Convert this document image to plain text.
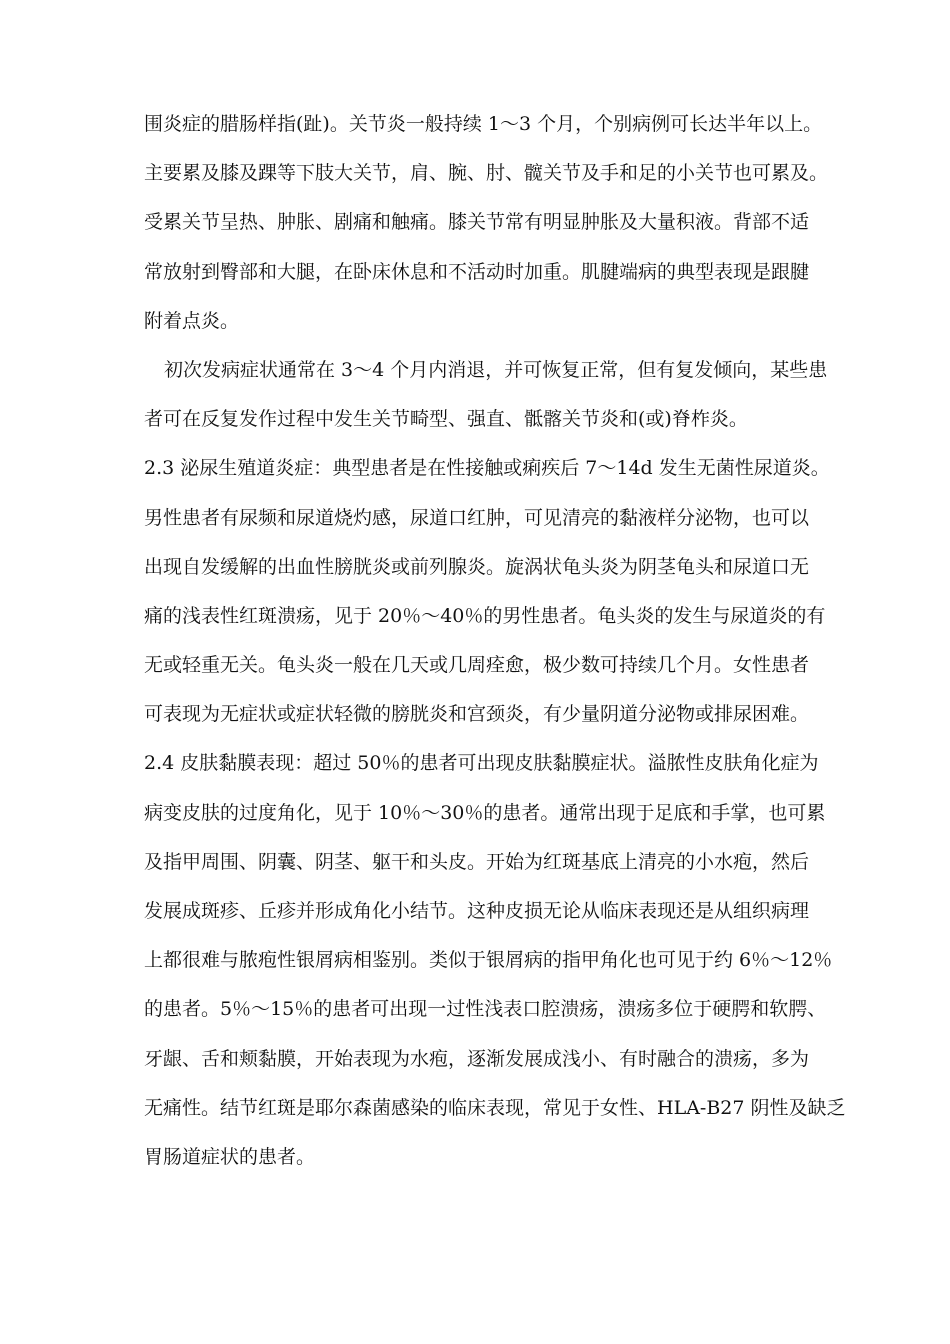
围炎症的腊肠样指(趾)。关节炎一般持续 1～3 个月，个别病例可长达半年以上。
主要累及膝及踝等下肢大关节，肩、腕、肘、髋关节及手和足的小关节也可累及。
受累关节呈热、肿胀、剧痛和触痛。膝关节常有明显肿胀及大量积液。背部不适
常放射到臀部和大腿，在卧床休息和不活动时加重。肌腱端病的典型表现是跟腱
附着点炎。
初次发病症状通常在 3～4 个月内消退，并可恢复正常，但有复发倾向，某些患
者可在反复发作过程中发生关节畸型、强直、骶髂关节炎和(或)脊柞炎。
2.3 泌尿生殖道炎症：典型患者是在性接触或痢疾后 7～14d 发生无菌性尿道炎。
男性患者有尿频和尿道烧灼感，尿道口红肿，可见清亮的黏液样分泌物，也可以
出现自发缓解的出血性膀胱炎或前列腺炎。旋涡状龟头炎为阴茎龟头和尿道口无
痛的浅表性红斑溃疡，见于 20％～40％的男性患者。龟头炎的发生与尿道炎的有
无或轻重无关。龟头炎一般在几天或几周痊愈，极少数可持续几个月。女性患者
可表现为无症状或症状轻微的膀胱炎和宫颈炎，有少量阴道分泌物或排尿困难。
2.4 皮肤黏膜表现：超过 50％的患者可出现皮肤黏膜症状。溢脓性皮肤角化症为
病变皮肤的过度角化，见于 10％～30％的患者。通常出现于足底和手掌，也可累
及指甲周围、阴囊、阴茎、躯干和头皮。开始为红斑基底上清亮的小水疱，然后
发展成斑疹、丘疹并形成角化小结节。这种皮损无论从临床表现还是从组织病理
上都很难与脓疱性银屑病相鉴别。类似于银屑病的指甲角化也可见于约 6％～12％
的患者。5％～15％的患者可出现一过性浅表口腔溃疡，溃疡多位于硬腭和软腭、
牙龈、舌和颊黏膜，开始表现为水疱，逐渐发展成浅小、有时融合的溃疡，多为
无痛性。结节红斑是耶尔森菌感染的临床表现，常见于女性、HLA-B27 阴性及缺乏
胃肠道症状的患者。
